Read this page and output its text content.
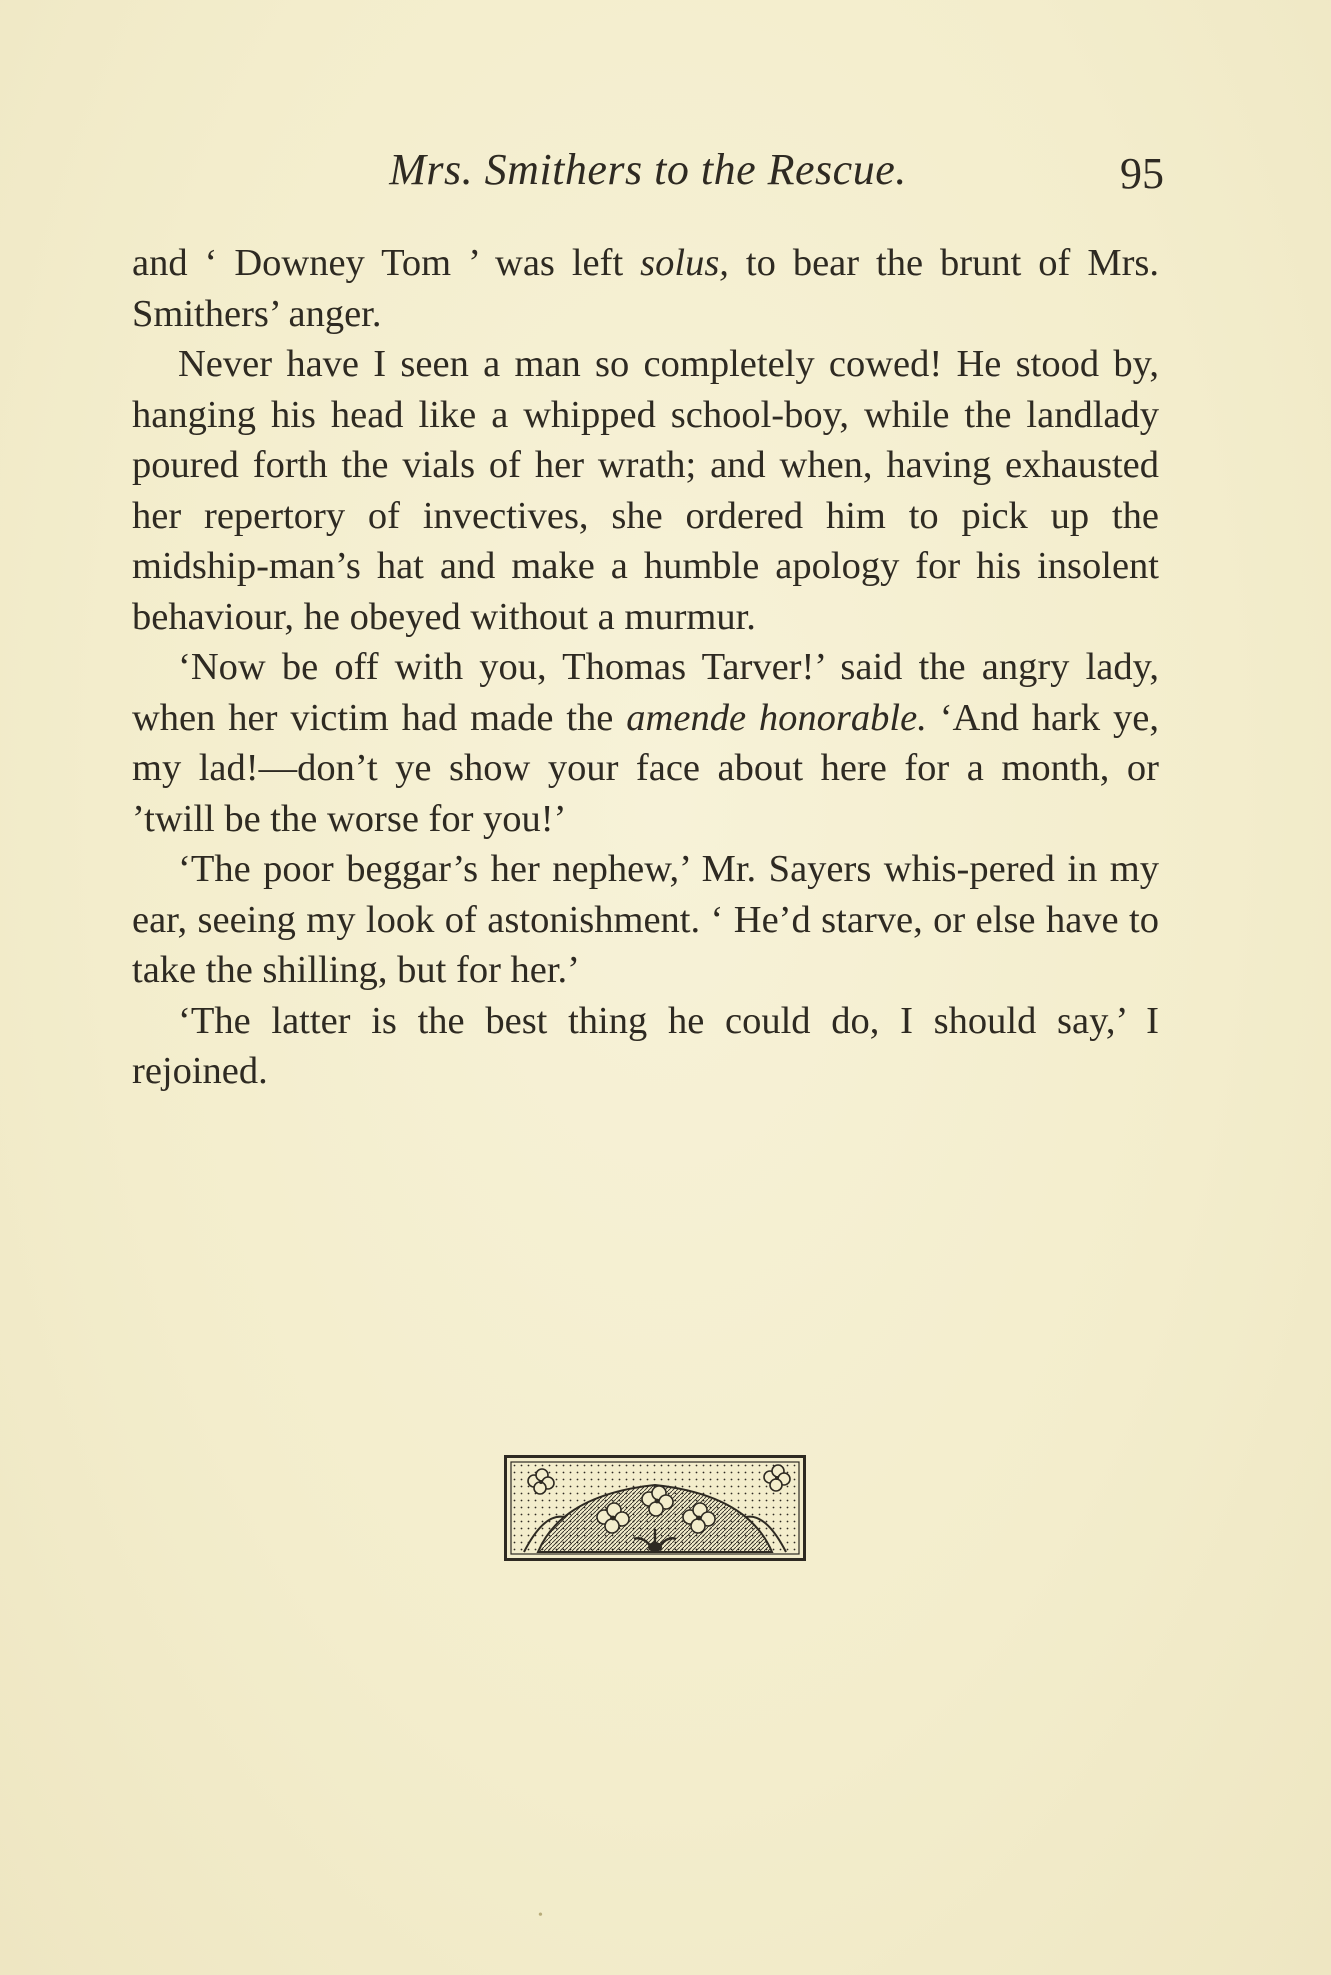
Mrs. Smithers to the Rescue.	95

and ‘ Downey Tom ’ was left solus, to bear the brunt of Mrs. Smithers’ anger.

Never have I seen a man so completely cowed! He stood by, hanging his head like a whipped school-boy, while the landlady poured forth the vials of her wrath; and when, having exhausted her repertory of invectives, she ordered him to pick up the midship-man’s hat and make a humble apology for his insolent behaviour, he obeyed without a murmur.

‘Now be off with you, Thomas Tarver!’ said the angry lady, when her victim had made the amende honorable. ‘And hark ye, my lad!—don’t ye show your face about here for a month, or ’twill be the worse for you!’

‘The poor beggar’s her nephew,’ Mr. Sayers whis-pered in my ear, seeing my look of astonishment. ‘ He’d starve, or else have to take the shilling, but for her.’

‘The latter is the best thing he could do, I should say,’ I rejoined.

•
